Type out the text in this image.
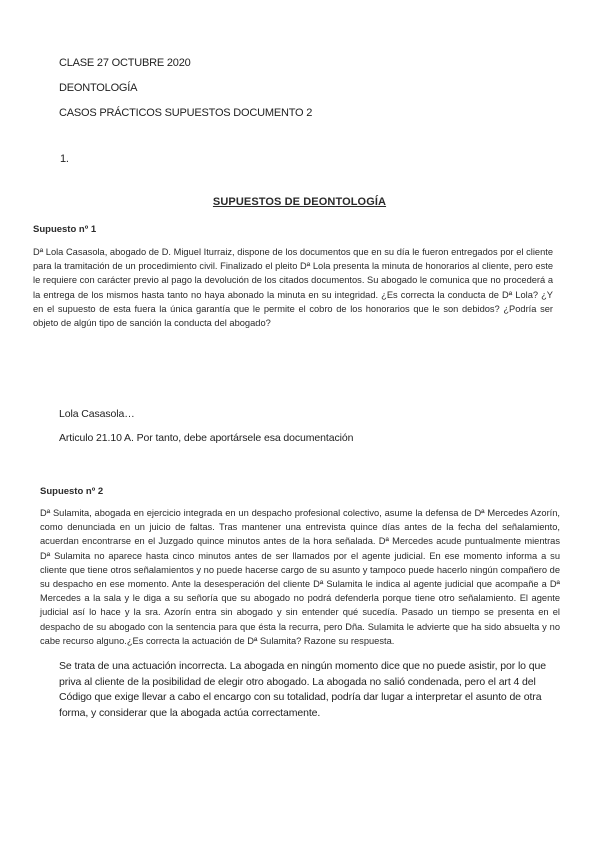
CLASE 27 OCTUBRE 2020
DEONTOLOGÍA
CASOS PRÁCTICOS SUPUESTOS DOCUMENTO 2
1.
SUPUESTOS DE DEONTOLOGÍA
Supuesto nº 1

Dª Lola Casasola, abogado de D. Miguel Iturraiz, dispone de los documentos que en su día le fueron entregados por el cliente para la tramitación de un procedimiento civil. Finalizado el pleito Dª Lola presenta la minuta de honorarios al cliente, pero este le requiere con carácter previo al pago la devolución de los citados documentos. Su abogado le comunica que no procederá a la entrega de los mismos hasta tanto no haya abonado la minuta en su integridad. ¿Es correcta la conducta de Dª Lola? ¿Y en el supuesto de esta fuera la única garantía que le permite el cobro de los honorarios que le son debidos? ¿Podría ser objeto de algún tipo de sanción la conducta del abogado?

Lola Casasola…

Articulo 21.10 A. Por tanto, debe aportársele esa documentación

Supuesto nº 2

Dª Sulamita, abogada en ejercicio integrada en un despacho profesional colectivo, asume la defensa de Dª Mercedes Azorín, como denunciada en un juicio de faltas. Tras mantener una entrevista quince días antes de la fecha del señalamiento, acuerdan encontrarse en el Juzgado quince minutos antes de la hora señalada. Dª Mercedes acude puntualmente mientras Dª Sulamita no aparece hasta cinco minutos antes de ser llamados por el agente judicial. En ese momento informa a su cliente que tiene otros señalamientos y no puede hacerse cargo de su asunto y tampoco puede hacerlo ningún compañero de su despacho en ese momento. Ante la desesperación del cliente Dª Sulamita le indica al agente judicial que acompañe a Dª Mercedes a la sala y le diga a su señoría que su abogado no podrá defenderla porque tiene otro señalamiento. El agente judicial así lo hace y la sra. Azorín entra sin abogado y sin entender qué sucedía. Pasado un tiempo se presenta en el despacho de su abogado con la sentencia para que ésta la recurra, pero Dña. Sulamita le advierte que ha sido absuelta y no cabe recurso alguno.¿Es correcta la actuación de Dª Sulamita? Razone su respuesta.

Se trata de una actuación incorrecta. La abogada en ningún momento dice que no puede asistir, por lo que priva al cliente de la posibilidad de elegir otro abogado. La abogada no salió condenada, pero el art 4 del Código que exige llevar a cabo el encargo con su totalidad, podría dar lugar a interpretar el asunto de otra forma, y considerar que la abogada actúa correctamente.
